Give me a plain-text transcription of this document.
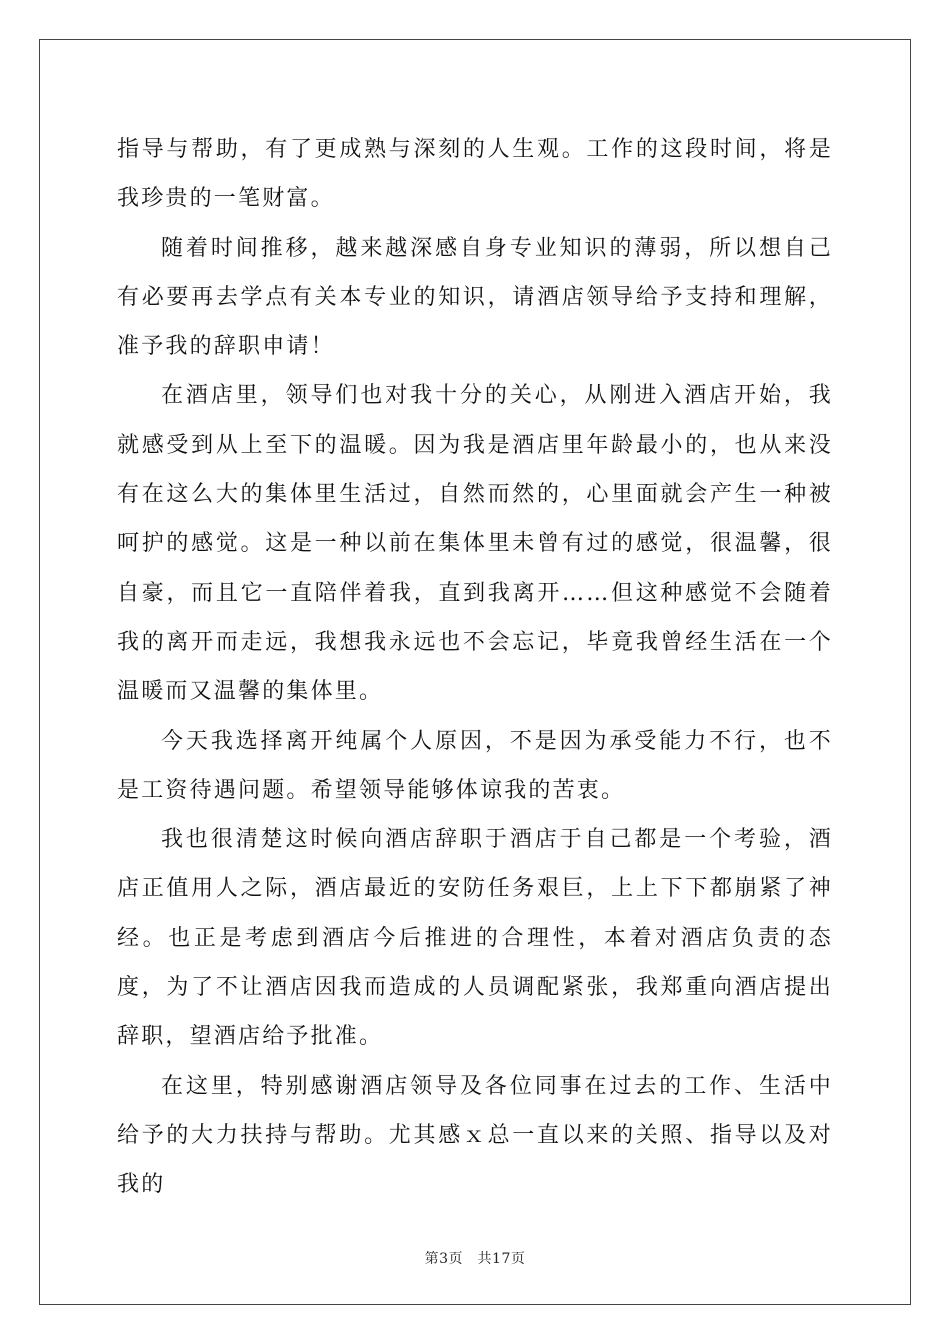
指导与帮助，有了更成熟与深刻的人生观。工作的这段时间，将是我珍贵的一笔财富。

随着时间推移，越来越深感自身专业知识的薄弱，所以想自己有必要再去学点有关本专业的知识，请酒店领导给予支持和理解，准予我的辞职申请！

在酒店里，领导们也对我十分的关心，从刚进入酒店开始，我就感受到从上至下的温暖。因为我是酒店里年龄最小的，也从来没有在这么大的集体里生活过，自然而然的，心里面就会产生一种被呵护的感觉。这是一种以前在集体里未曾有过的感觉，很温馨，很自豪，而且它一直陪伴着我，直到我离开……但这种感觉不会随着我的离开而走远，我想我永远也不会忘记，毕竟我曾经生活在一个温暖而又温馨的集体里。

今天我选择离开纯属个人原因，不是因为承受能力不行，也不是工资待遇问题。希望领导能够体谅我的苦衷。

我也很清楚这时候向酒店辞职于酒店于自己都是一个考验，酒店正值用人之际，酒店最近的安防任务艰巨，上上下下都崩紧了神经。也正是考虑到酒店今后推进的合理性，本着对酒店负责的态度，为了不让酒店因我而造成的人员调配紧张，我郑重向酒店提出辞职，望酒店给予批准。

在这里，特别感谢酒店领导及各位同事在过去的工作、生活中给予的大力扶持与帮助。尤其感ｘ总一直以来的关照、指导以及对我的

第3页　共17页
